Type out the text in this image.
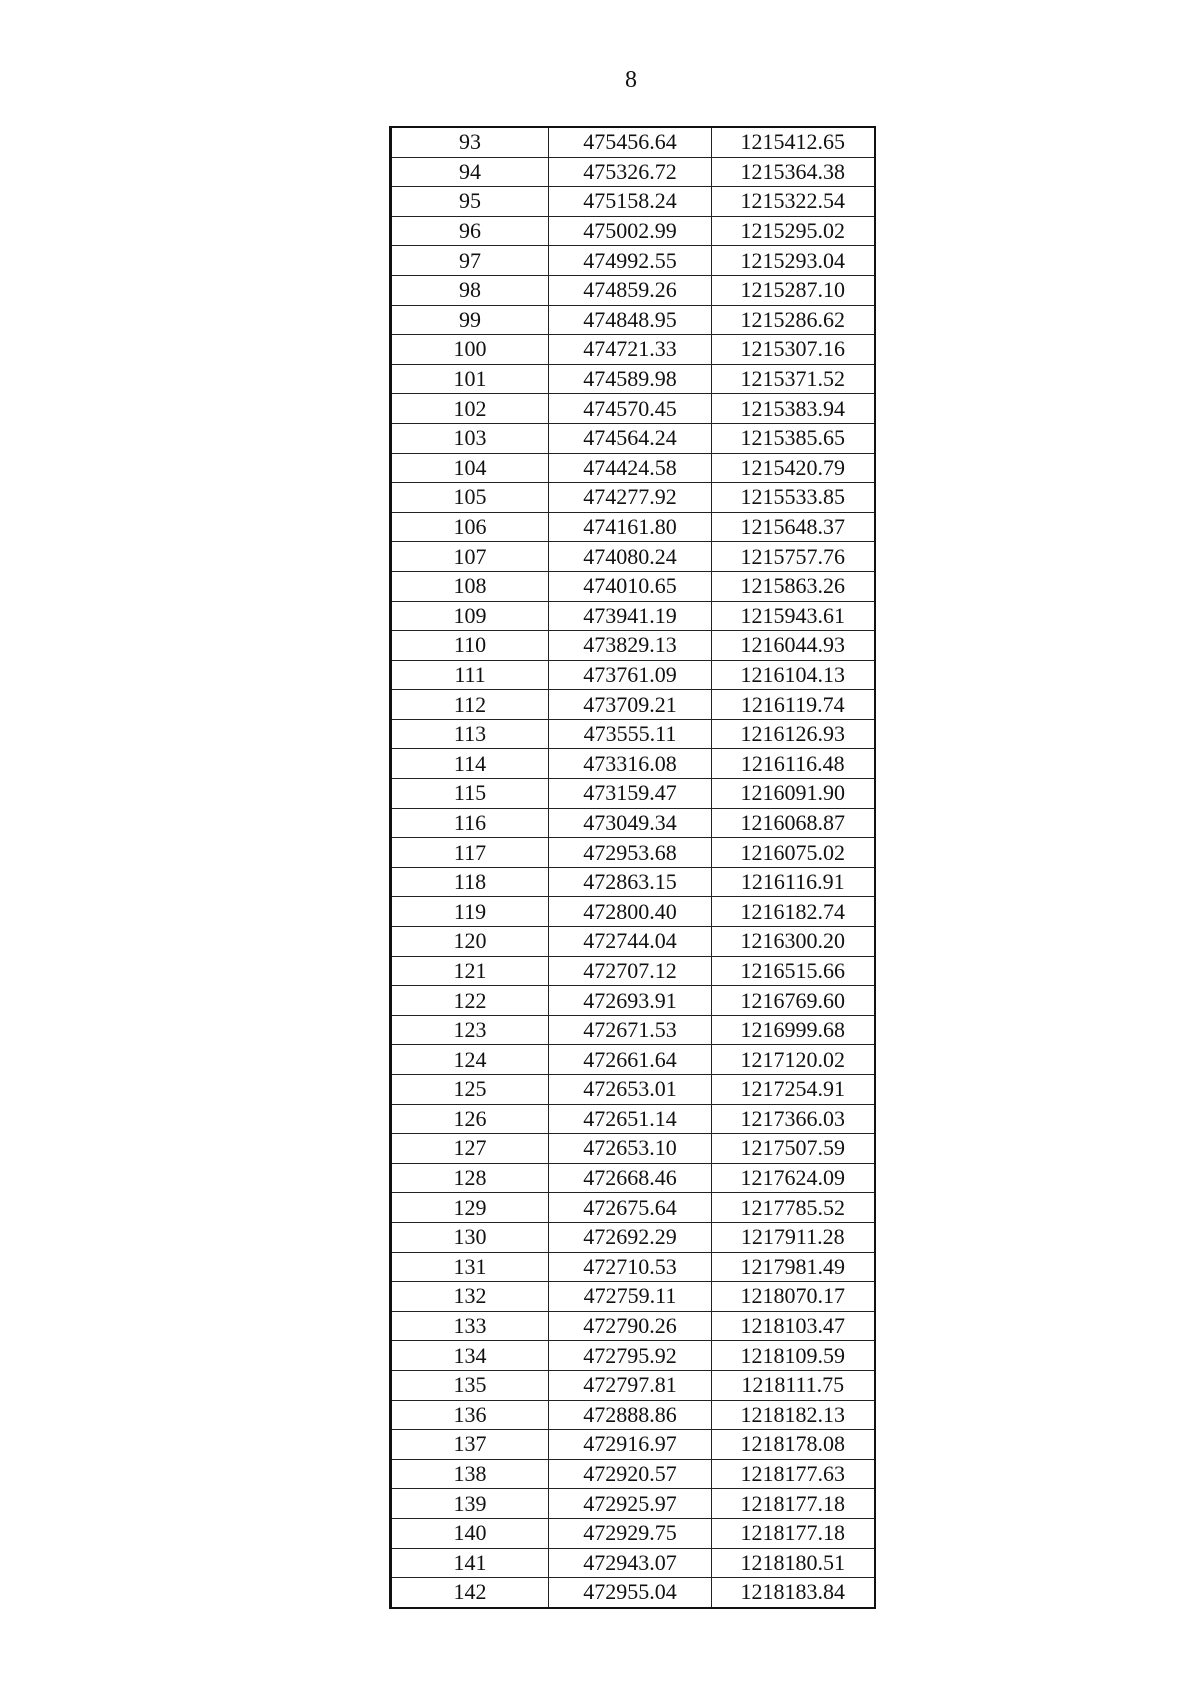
8
93	475456.64	1215412.65
94	475326.72	1215364.38
95	475158.24	1215322.54
96	475002.99	1215295.02
97	474992.55	1215293.04
98	474859.26	1215287.10
99	474848.95	1215286.62
100	474721.33	1215307.16
101	474589.98	1215371.52
102	474570.45	1215383.94
103	474564.24	1215385.65
104	474424.58	1215420.79
105	474277.92	1215533.85
106	474161.80	1215648.37
107	474080.24	1215757.76
108	474010.65	1215863.26
109	473941.19	1215943.61
110	473829.13	1216044.93
111	473761.09	1216104.13
112	473709.21	1216119.74
113	473555.11	1216126.93
114	473316.08	1216116.48
115	473159.47	1216091.90
116	473049.34	1216068.87
117	472953.68	1216075.02
118	472863.15	1216116.91
119	472800.40	1216182.74
120	472744.04	1216300.20
121	472707.12	1216515.66
122	472693.91	1216769.60
123	472671.53	1216999.68
124	472661.64	1217120.02
125	472653.01	1217254.91
126	472651.14	1217366.03
127	472653.10	1217507.59
128	472668.46	1217624.09
129	472675.64	1217785.52
130	472692.29	1217911.28
131	472710.53	1217981.49
132	472759.11	1218070.17
133	472790.26	1218103.47
134	472795.92	1218109.59
135	472797.81	1218111.75
136	472888.86	1218182.13
137	472916.97	1218178.08
138	472920.57	1218177.63
139	472925.97	1218177.18
140	472929.75	1218177.18
141	472943.07	1218180.51
142	472955.04	1218183.84
